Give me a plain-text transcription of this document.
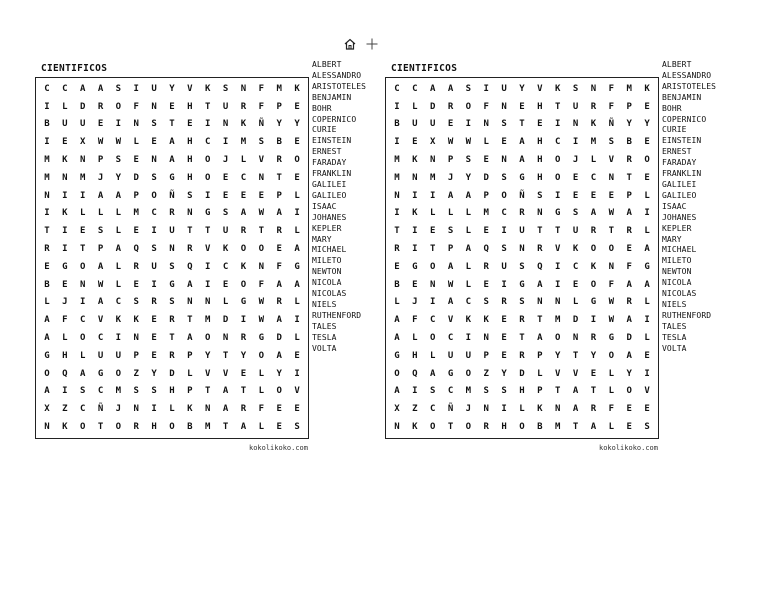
CIENTIFICOS
C	C	A	A	S	I	U	Y	V	K	S	N	F	M	K
I	L	D	R	O	F	N	E	H	T	U	R	F	P	E
B	U	U	E	I	N	S	T	E	I	N	K	Ñ	Y	Y
I	E	X	W	W	L	E	A	H	C	I	M	S	B	E
M	K	N	P	S	E	N	A	H	O	J	L	V	R	O
M	N	M	J	Y	D	S	G	H	O	E	C	N	T	E
N	I	I	A	A	P	O	Ñ	S	I	E	E	E	P	L
I	K	L	L	L	M	C	R	N	G	S	A	W	A	I
T	I	E	S	L	E	I	U	T	T	U	R	T	R	L
R	I	T	P	A	Q	S	N	R	V	K	O	O	E	A
E	G	O	A	L	R	U	S	Q	I	C	K	N	F	G
B	E	N	W	L	E	I	G	A	I	E	O	F	A	A
L	J	I	A	C	S	R	S	N	N	L	G	W	R	L
A	F	C	V	K	K	E	R	T	M	D	I	W	A	I
A	L	O	C	I	N	E	T	A	O	N	R	G	D	L
G	H	L	U	U	P	E	R	P	Y	T	Y	O	A	E
O	Q	A	G	O	Z	Y	D	L	V	V	E	L	Y	I
A	I	S	C	M	S	S	H	P	T	A	T	L	O	V
X	Z	C	Ñ	J	N	I	L	K	N	A	R	F	E	E
N	K	O	T	O	R	H	O	B	M	T	A	L	E	S
kokolikoko.com
ALBERT
ALESSANDRO
ARISTOTELES
BENJAMIN
BOHR
COPERNICO
CURIE
EINSTEIN
ERNEST
FARADAY
FRANKLIN
GALILEI
GALILEO
ISAAC
JOHANES
KEPLER
MARY
MICHAEL
MILETO
NEWTON
NICOLA
NICOLAS
NIELS
RUTHENFORD
TALES
TESLA
VOLTA
CIENTIFICOS
C	C	A	A	S	I	U	Y	V	K	S	N	F	M	K
I	L	D	R	O	F	N	E	H	T	U	R	F	P	E
B	U	U	E	I	N	S	T	E	I	N	K	Ñ	Y	Y
I	E	X	W	W	L	E	A	H	C	I	M	S	B	E
M	K	N	P	S	E	N	A	H	O	J	L	V	R	O
M	N	M	J	Y	D	S	G	H	O	E	C	N	T	E
N	I	I	A	A	P	O	Ñ	S	I	E	E	E	P	L
I	K	L	L	L	M	C	R	N	G	S	A	W	A	I
T	I	E	S	L	E	I	U	T	T	U	R	T	R	L
R	I	T	P	A	Q	S	N	R	V	K	O	O	E	A
E	G	O	A	L	R	U	S	Q	I	C	K	N	F	G
B	E	N	W	L	E	I	G	A	I	E	O	F	A	A
L	J	I	A	C	S	R	S	N	N	L	G	W	R	L
A	F	C	V	K	K	E	R	T	M	D	I	W	A	I
A	L	O	C	I	N	E	T	A	O	N	R	G	D	L
G	H	L	U	U	P	E	R	P	Y	T	Y	O	A	E
O	Q	A	G	O	Z	Y	D	L	V	V	E	L	Y	I
A	I	S	C	M	S	S	H	P	T	A	T	L	O	V
X	Z	C	Ñ	J	N	I	L	K	N	A	R	F	E	E
N	K	O	T	O	R	H	O	B	M	T	A	L	E	S
kokolikoko.com
ALBERT
ALESSANDRO
ARISTOTELES
BENJAMIN
BOHR
COPERNICO
CURIE
EINSTEIN
ERNEST
FARADAY
FRANKLIN
GALILEI
GALILEO
ISAAC
JOHANES
KEPLER
MARY
MICHAEL
MILETO
NEWTON
NICOLA
NICOLAS
NIELS
RUTHENFORD
TALES
TESLA
VOLTA
